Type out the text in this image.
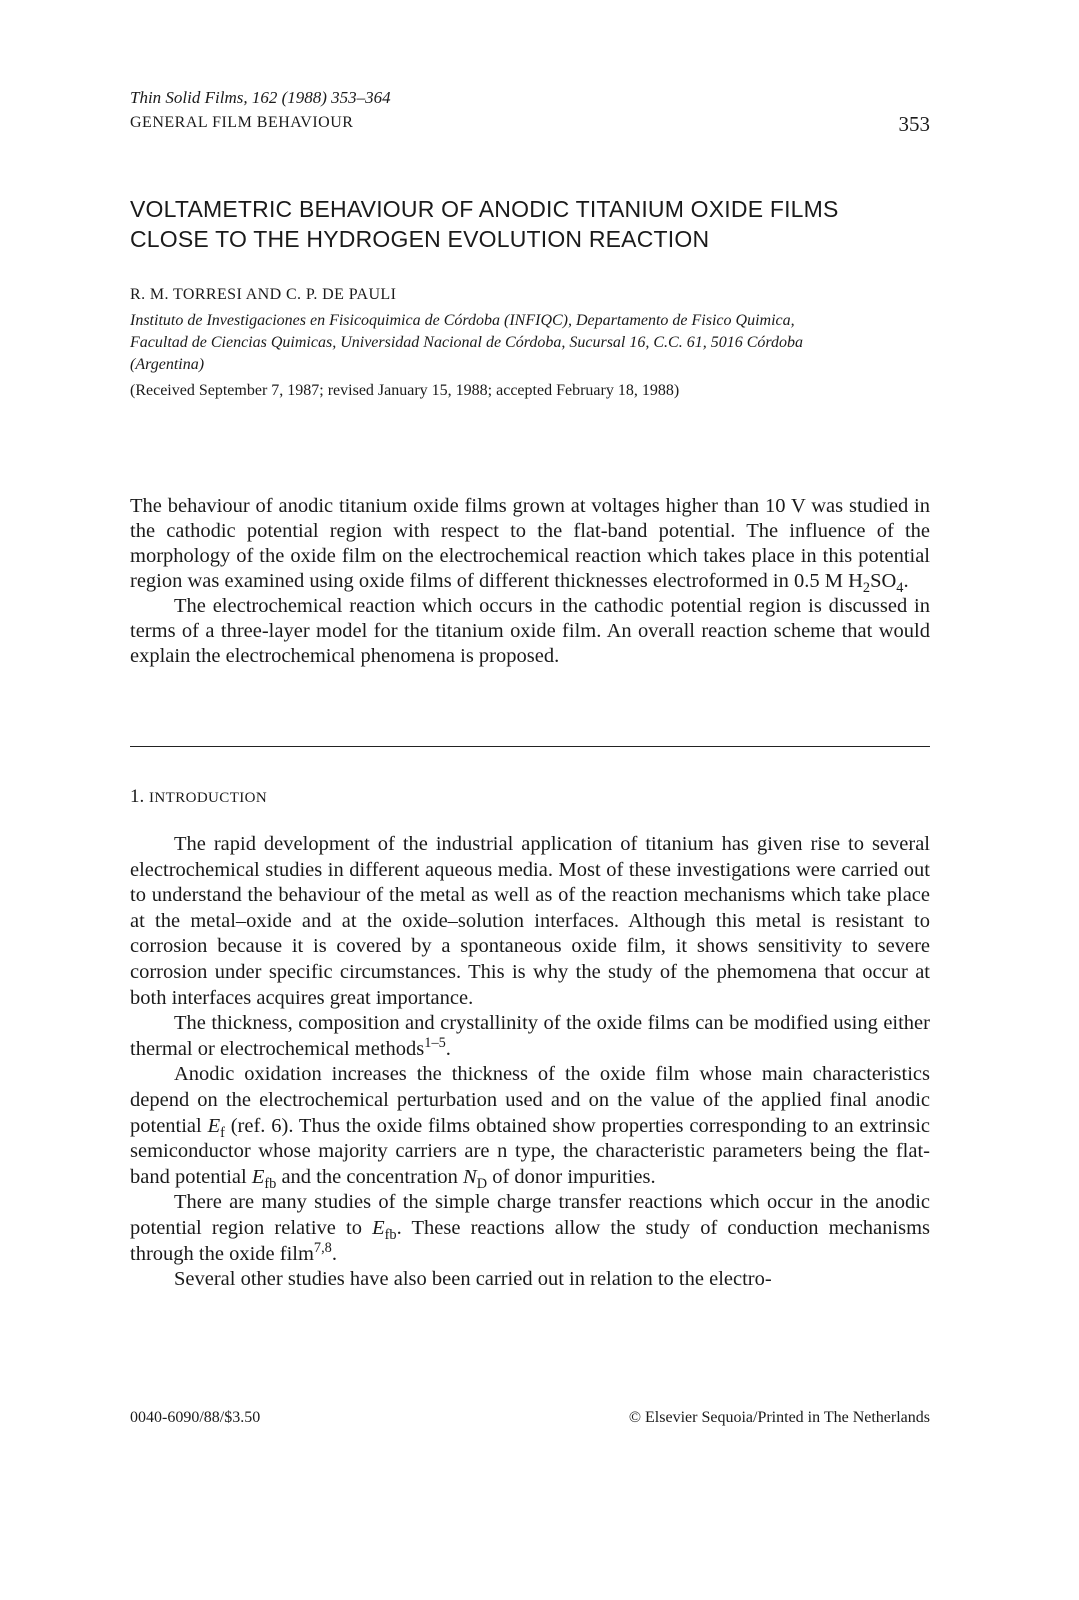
Thin Solid Films, 162 (1988) 353–364
GENERAL FILM BEHAVIOUR	353
VOLTAMETRIC BEHAVIOUR OF ANODIC TITANIUM OXIDE FILMS
CLOSE TO THE HYDROGEN EVOLUTION REACTION
R. M. TORRESI AND C. P. DE PAULI
Instituto de Investigaciones en Fisicoquimica de Córdoba (INFIQC), Departamento de Fisico Quimica,
Facultad de Ciencias Quimicas, Universidad Nacional de Córdoba, Sucursal 16, C.C. 61, 5016 Córdoba
(Argentina)
(Received September 7, 1987; revised January 15, 1988; accepted February 18, 1988)

The behaviour of anodic titanium oxide films grown at voltages higher than 10 V was studied in the cathodic potential region with respect to the flat-band potential. The influence of the morphology of the oxide film on the electrochemical reaction which takes place in this potential region was examined using oxide films of different thicknesses electroformed in 0.5 M $H_2SO_4$.

The electrochemical reaction which occurs in the cathodic potential region is discussed in terms of a three-layer model for the titanium oxide film. An overall reaction scheme that would explain the electrochemical phenomena is proposed.

1. INTRODUCTION

The rapid development of the industrial application of titanium has given rise to several electrochemical studies in different aqueous media. Most of these investigations were carried out to understand the behaviour of the metal as well as of the reaction mechanisms which take place at the metal–oxide and at the oxide–solution interfaces. Although this metal is resistant to corrosion because it is covered by a spontaneous oxide film, it shows sensitivity to severe corrosion under specific circumstances. This is why the study of the phemomena that occur at both interfaces acquires great importance.

The thickness, composition and crystallinity of the oxide films can be modified using either thermal or electrochemical methods$^{1-5}$.

Anodic oxidation increases the thickness of the oxide film whose main characteristics depend on the electrochemical perturbation used and on the value of the applied final anodic potential $E_f$ (ref. 6). Thus the oxide films obtained show properties corresponding to an extrinsic semiconductor whose majority carriers are n type, the characteristic parameters being the flat-band potential $E_{fb}$ and the concentration $N_D$ of donor impurities.

There are many studies of the simple charge transfer reactions which occur in the anodic potential region relative to $E_{fb}$. These reactions allow the study of conduction mechanisms through the oxide film$^{7,8}$.

Several other studies have also been carried out in relation to the electro-

0040-6090/88/$3.50	© Elsevier Sequoia/Printed in The Netherlands
